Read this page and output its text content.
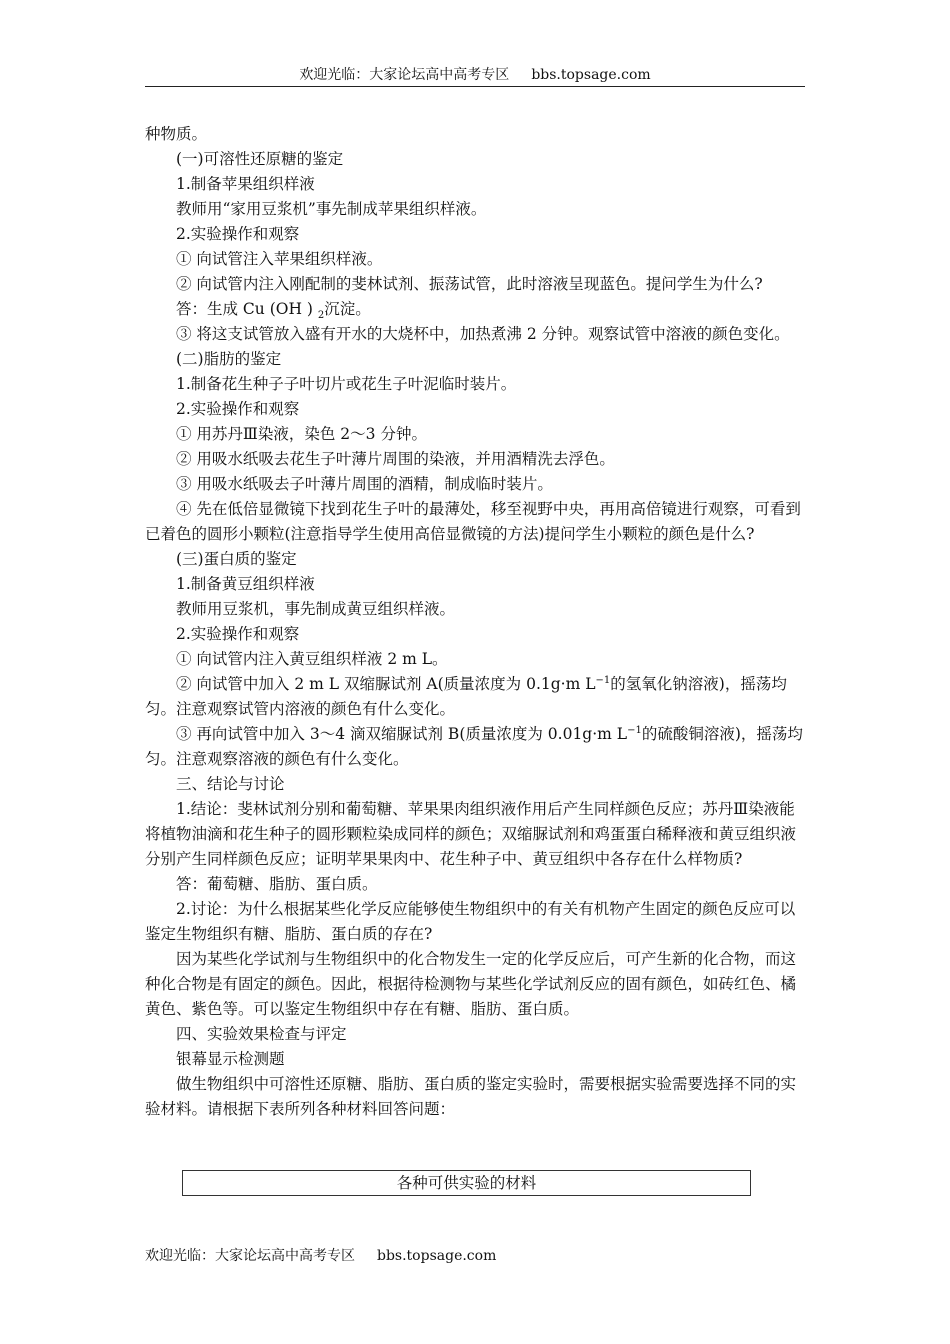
欢迎光临：大家论坛高中高考专区 bbs.topsage.com

种物质。

(一)可溶性还原糖的鉴定

1.制备苹果组织样液

教师用“家用豆浆机”事先制成苹果组织样液。

2.实验操作和观察

① 向试管注入苹果组织样液。

② 向试管内注入刚配制的斐林试剂、振荡试管，此时溶液呈现蓝色。提问学生为什么?

答：生成 Cu (OH ) $_2$沉淀。

③ 将这支试管放入盛有开水的大烧杯中，加热煮沸 2 分钟。观察试管中溶液的颜色变化。

(二)脂肪的鉴定

1.制备花生种子子叶切片或花生子叶泥临时装片。

2.实验操作和观察

① 用苏丹Ⅲ染液，染色 2～3 分钟。

② 用吸水纸吸去花生子叶薄片周围的染液，并用酒精洗去浮色。

③ 用吸水纸吸去子叶薄片周围的酒精，制成临时装片。

④ 先在低倍显微镜下找到花生子叶的最薄处，移至视野中央，再用高倍镜进行观察，可看到已着色的圆形小颗粒(注意指导学生使用高倍显微镜的方法)提问学生小颗粒的颜色是什么?

(三)蛋白质的鉴定

1.制备黄豆组织样液

教师用豆浆机，事先制成黄豆组织样液。

2.实验操作和观察

① 向试管内注入黄豆组织样液 2 m L。

② 向试管中加入 2 m L 双缩脲试剂 A(质量浓度为 0.1g·m $L^{-1}$的氢氧化钠溶液)，摇荡均匀。注意观察试管内溶液的颜色有什么变化。

③ 再向试管中加入 3～4 滴双缩脲试剂 B(质量浓度为 0.01g·m $L^{-1}$的硫酸铜溶液)，摇荡均匀。注意观察溶液的颜色有什么变化。

三、结论与讨论

1.结论：斐林试剂分别和葡萄糖、苹果果肉组织液作用后产生同样颜色反应；苏丹Ⅲ染液能将植物油滴和花生种子的圆形颗粒染成同样的颜色；双缩脲试剂和鸡蛋蛋白稀释液和黄豆组织液分别产生同样颜色反应；证明苹果果肉中、花生种子中、黄豆组织中各存在什么样物质?

答：葡萄糖、脂肪、蛋白质。

2.讨论：为什么根据某些化学反应能够使生物组织中的有关有机物产生固定的颜色反应可以鉴定生物组织有糖、脂肪、蛋白质的存在?

因为某些化学试剂与生物组织中的化合物发生一定的化学反应后，可产生新的化合物，而这种化合物是有固定的颜色。因此，根据待检测物与某些化学试剂反应的固有颜色，如砖红色、橘黄色、紫色等。可以鉴定生物组织中存在有糖、脂肪、蛋白质。

四、实验效果检查与评定

银幕显示检测题

做生物组织中可溶性还原糖、脂肪、蛋白质的鉴定实验时，需要根据实验需要选择不同的实验材料。请根据下表所列各种材料回答问题：

各种可供实验的材料
欢迎光临：大家论坛高中高考专区 bbs.topsage.com
